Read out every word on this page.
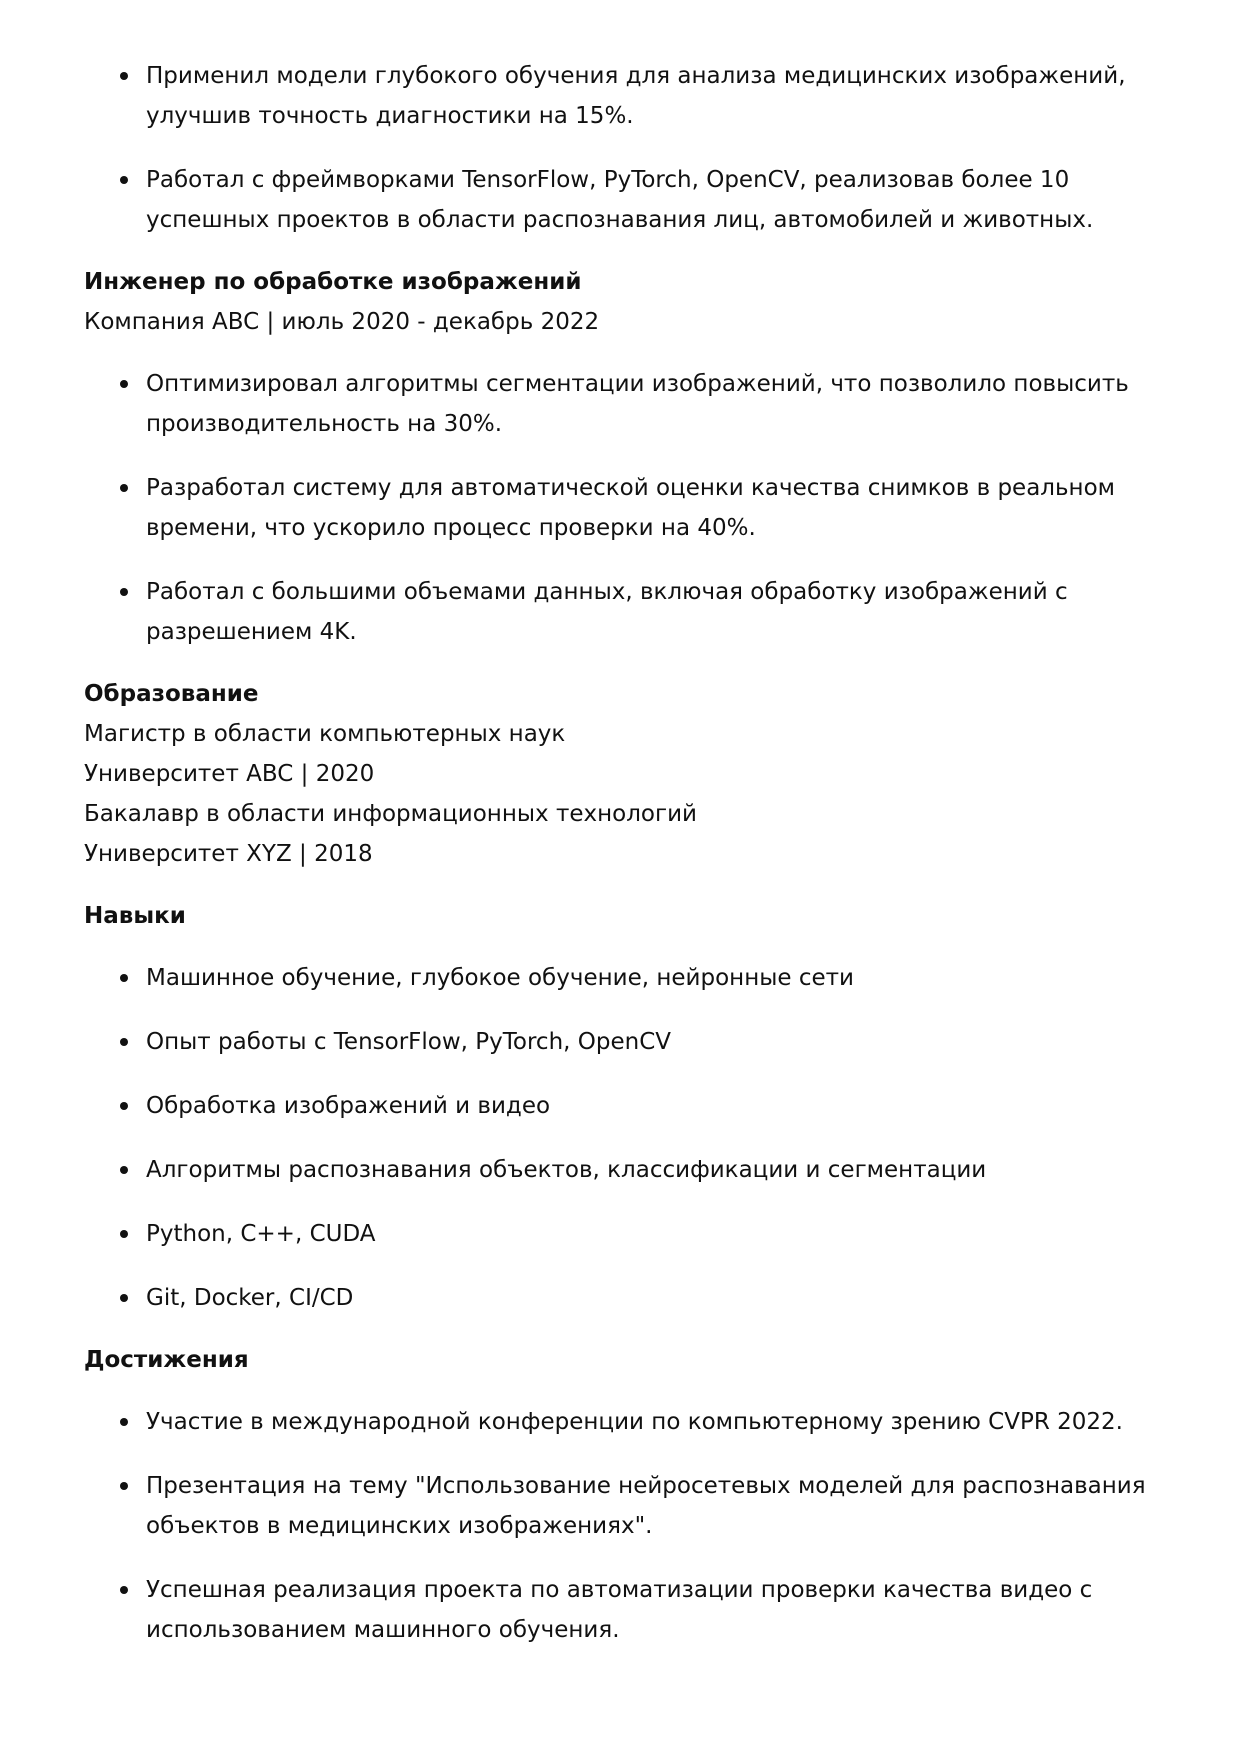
Применил модели глубокого обучения для анализа медицинских изображений, улучшив точность диагностики на 15%.
Работал с фреймворками TensorFlow, PyTorch, OpenCV, реализовав более 10 успешных проектов в области распознавания лиц, автомобилей и животных.
Инженер по обработке изображений
Компания ABC | июль 2020 - декабрь 2022
Оптимизировал алгоритмы сегментации изображений, что позволило повысить производительность на 30%.
Разработал систему для автоматической оценки качества снимков в реальном времени, что ускорило процесс проверки на 40%.
Работал с большими объемами данных, включая обработку изображений с разрешением 4K.
Образование
Магистр в области компьютерных наук
Университет ABC | 2020
Бакалавр в области информационных технологий
Университет XYZ | 2018
Навыки
Машинное обучение, глубокое обучение, нейронные сети
Опыт работы с TensorFlow, PyTorch, OpenCV
Обработка изображений и видео
Алгоритмы распознавания объектов, классификации и сегментации
Python, C++, CUDA
Git, Docker, CI/CD
Достижения
Участие в международной конференции по компьютерному зрению CVPR 2022.
Презентация на тему "Использование нейросетевых моделей для распознавания объектов в медицинских изображениях".
Успешная реализация проекта по автоматизации проверки качества видео с использованием машинного обучения.
